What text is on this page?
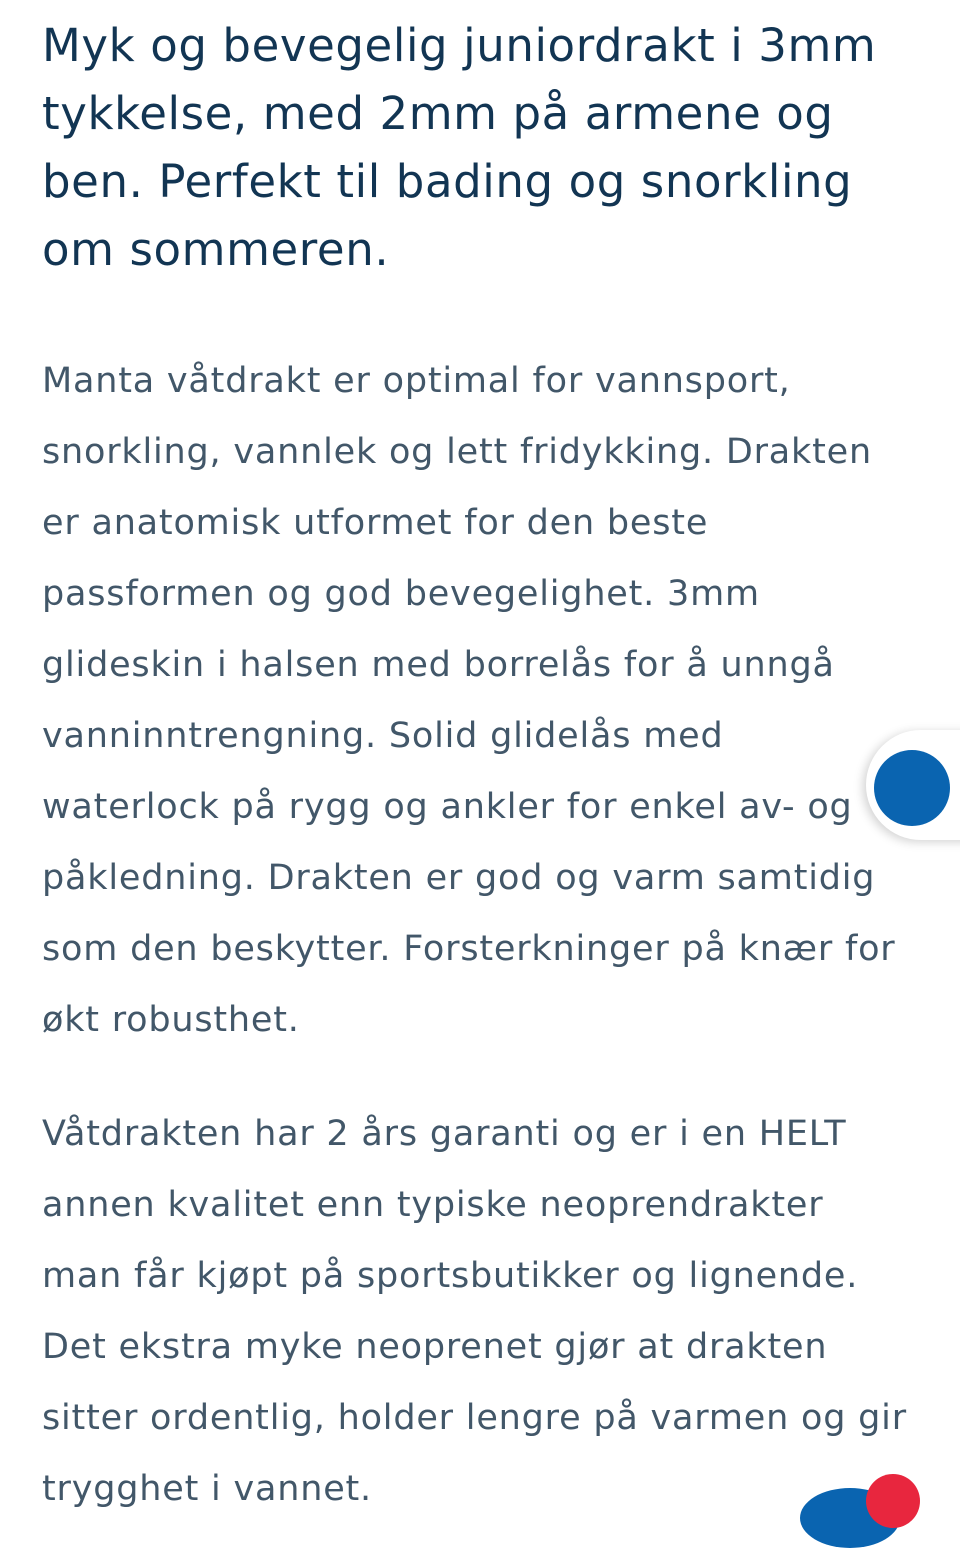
Myk og bevegelig juniordrakt i 3mm tykkelse, med 2mm på armene og ben. Perfekt til bading og snorkling om sommeren.

Manta våtdrakt er optimal for vannsport, snorkling, vannlek og lett fridykking. Drakten er anatomisk utformet for den beste passformen og god bevegelighet. 3mm glideskin i halsen med borrelås for å unngå vanninntrengning. Solid glidelås med waterlock på rygg og ankler for enkel av- og påkledning. Drakten er god og varm samtidig som den beskytter. Forsterkninger på knær for økt robusthet.

Våtdrakten har 2 års garanti og er i en HELT annen kvalitet enn typiske neoprendrakter man får kjøpt på sportsbutikker og lignende. Det ekstra myke neoprenet gjør at drakten sitter ordentlig, holder lengre på varmen og gir trygghet i vannet.
